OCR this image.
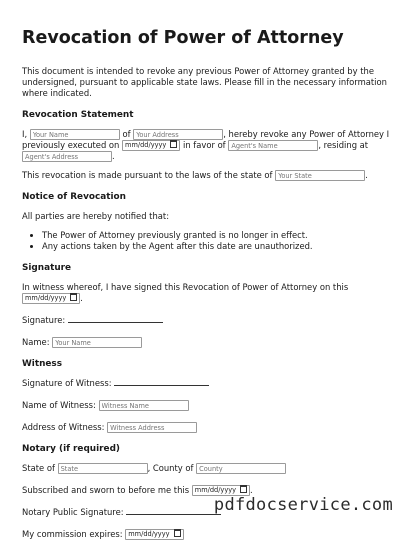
Revocation of Power of Attorney

This document is intended to revoke any previous Power of Attorney granted by the undersigned, pursuant to applicable state laws. Please fill in the necessary information where indicated.

Revocation Statement

I, Your Name	of Your Address	, hereby revoke any Power of Attorney I previously executed on mm/dd/yyyy in favor of Agent's Name	, residing at Agent's Address.

This revocation is made pursuant to the laws of the state of Your State	.

Notice of Revocation

All parties are hereby notified that:

• The Power of Attorney previously granted is no longer in effect.
• Any actions taken by the Agent after this date are unauthorized.
Signature

In witness whereof, I have signed this Revocation of Power of Attorney on this mm/dd/yyyy .

Signature:

Name: Your Name

Witness

Signature of Witness:

Name of Witness: Witness Name

Address of Witness: Witness Address

Notary (if required)

State of State	, County of County

Subscribed and sworn to before me this mm/dd/yyyy .

Notary Public Signature:

My commission expires: mm/dd/yyyy

pdfdocservice.com
